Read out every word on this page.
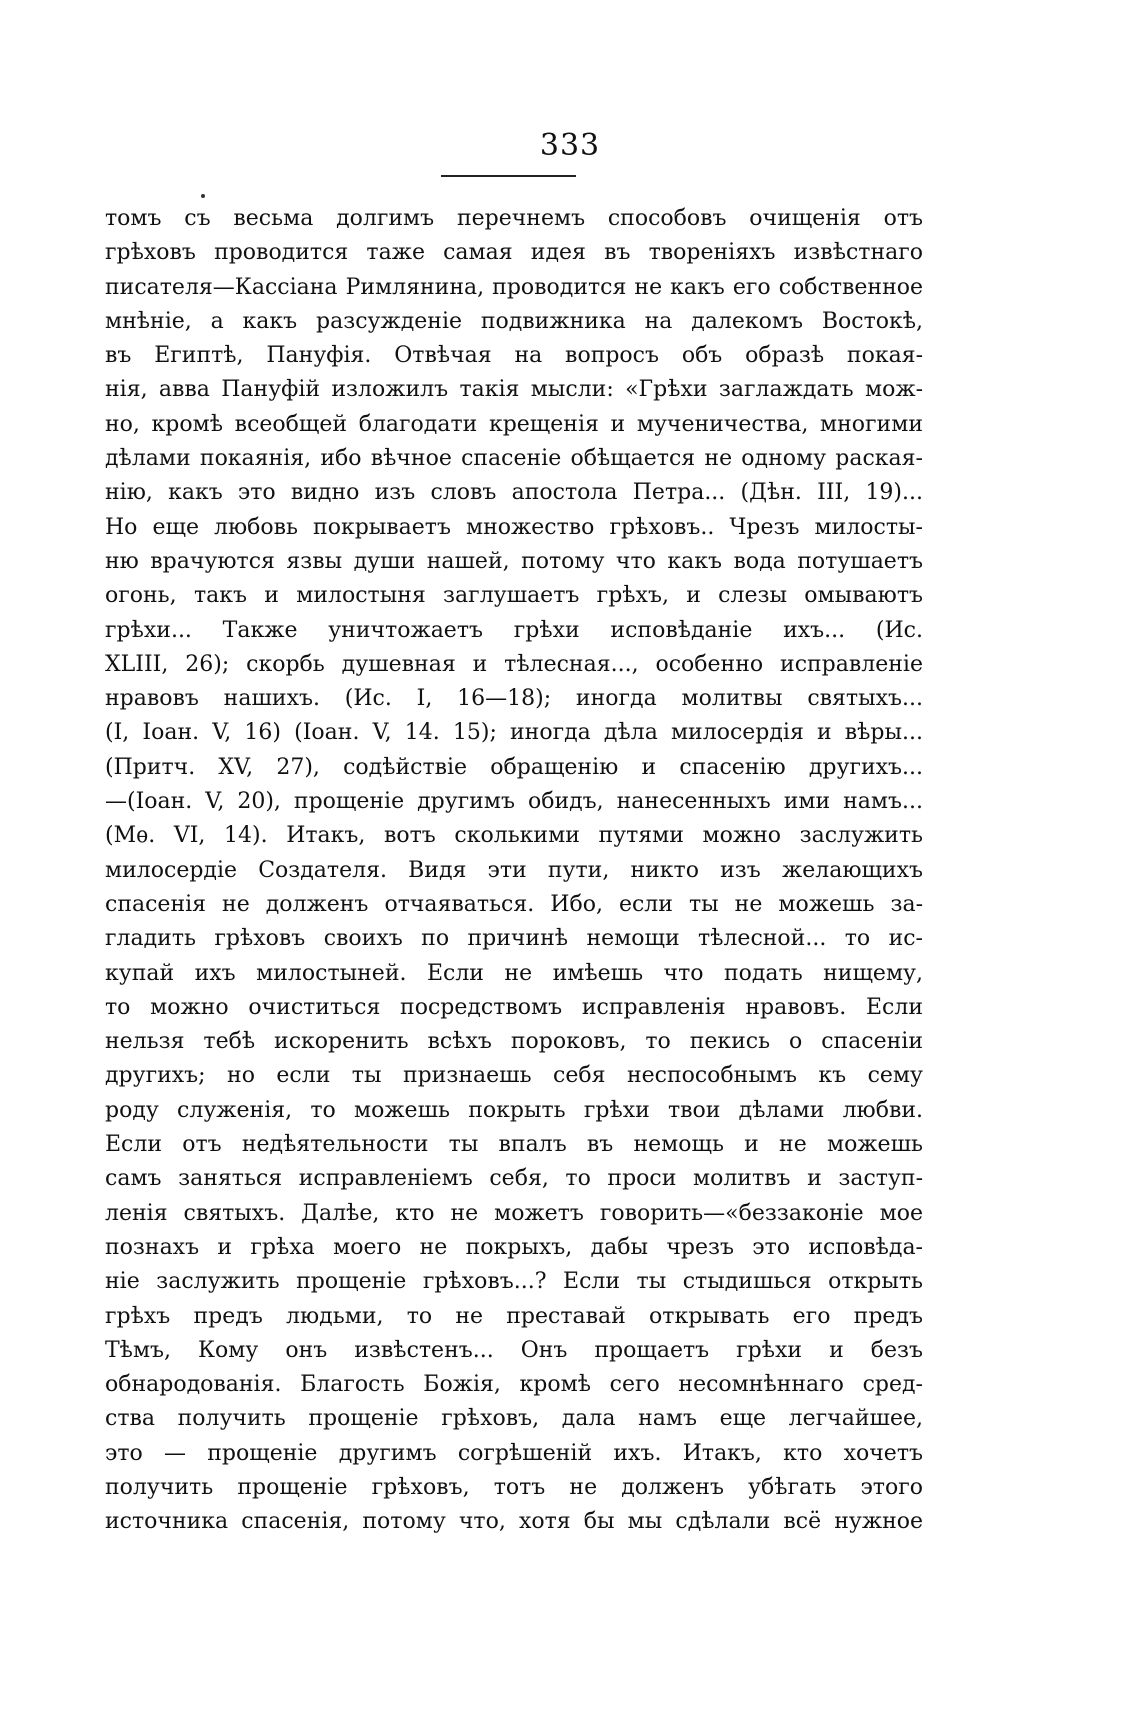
333
томъ съ весьма долгимъ перечнемъ способовъ очищенія отъ
грѣховъ проводится таже самая идея въ твореніяхъ извѣстнаго
писателя—Кассіана Римлянина, проводится не какъ его собственное
мнѣніе, а какъ разсужденіе подвижника на далекомъ Востокѣ,
въ Египтѣ, Пануфія. Отвѣчая на вопросъ объ образѣ покая-
нія, авва Пануфій изложилъ такія мысли: «Грѣхи заглаждать мож-
но, кромѣ всеобщей благодати крещенія и мученичества, многими
дѣлами покаянія, ибо вѣчное спасеніе обѣщается не одному раская-
нію, какъ это видно изъ словъ апостола Петра... (Дѣн. III, 19)...
Но еще любовь покрываетъ множество грѣховъ.. Чрезъ милосты-
ню врачуются язвы души нашей, потому что какъ вода потушаетъ
огонь, такъ и милостыня заглушаетъ грѣхъ, и слезы омываютъ
грѣхи... Также уничтожаетъ грѣхи исповѣданіе ихъ... (Ис.
XLIII, 26); скорбь душевная и тѣлесная..., особенно исправленіе
нравовъ нашихъ. (Ис. I, 16—18); иногда молитвы святыхъ...
(I, Іоан. V, 16) (Іоан. V, 14. 15); иногда дѣла милосердія и вѣры...
(Притч. XV, 27), содѣйствіе обращенію и спасенію другихъ...
—(Іоан. V, 20), прощеніе другимъ обидъ, нанесенныхъ ими намъ...
(Мѳ. VI, 14). Итакъ, вотъ сколькими путями можно заслужить
милосердіе Создателя. Видя эти пути, никто изъ желающихъ
спасенія не долженъ отчаяваться. Ибо, если ты не можешь за-
гладить грѣховъ своихъ по причинѣ немощи тѣлесной... то ис-
купай ихъ милостыней. Если не имѣешь что подать нищему,
то можно очиститься посредствомъ исправленія нравовъ. Если
нельзя тебѣ искоренить всѣхъ пороковъ, то пекись о спасеніи
другихъ; но если ты признаешь себя неспособнымъ къ сему
роду служенія, то можешь покрыть грѣхи твои дѣлами любви.
Если отъ недѣятельности ты впалъ въ немощь и не можешь
самъ заняться исправленіемъ себя, то проси молитвъ и заступ-
ленія святыхъ. Далѣе, кто не можетъ говорить—«беззаконіе мое
познахъ и грѣха моего не покрыхъ, дабы чрезъ это исповѣда-
ніе заслужить прощеніе грѣховъ...? Если ты стыдишься открыть
грѣхъ предъ людьми, то не преставай открывать его предъ
Тѣмъ, Кому онъ извѣстенъ... Онъ прощаетъ грѣхи и безъ
обнародованія. Благость Божія, кромѣ сего несомнѣннаго сред-
ства получить прощеніе грѣховъ, дала намъ еще легчайшее,
это — прощеніе другимъ согрѣшеній ихъ. Итакъ, кто хочетъ
получить прощеніе грѣховъ, тотъ не долженъ убѣгать этого
источника спасенія, потому что, хотя бы мы сдѣлали всё нужное
